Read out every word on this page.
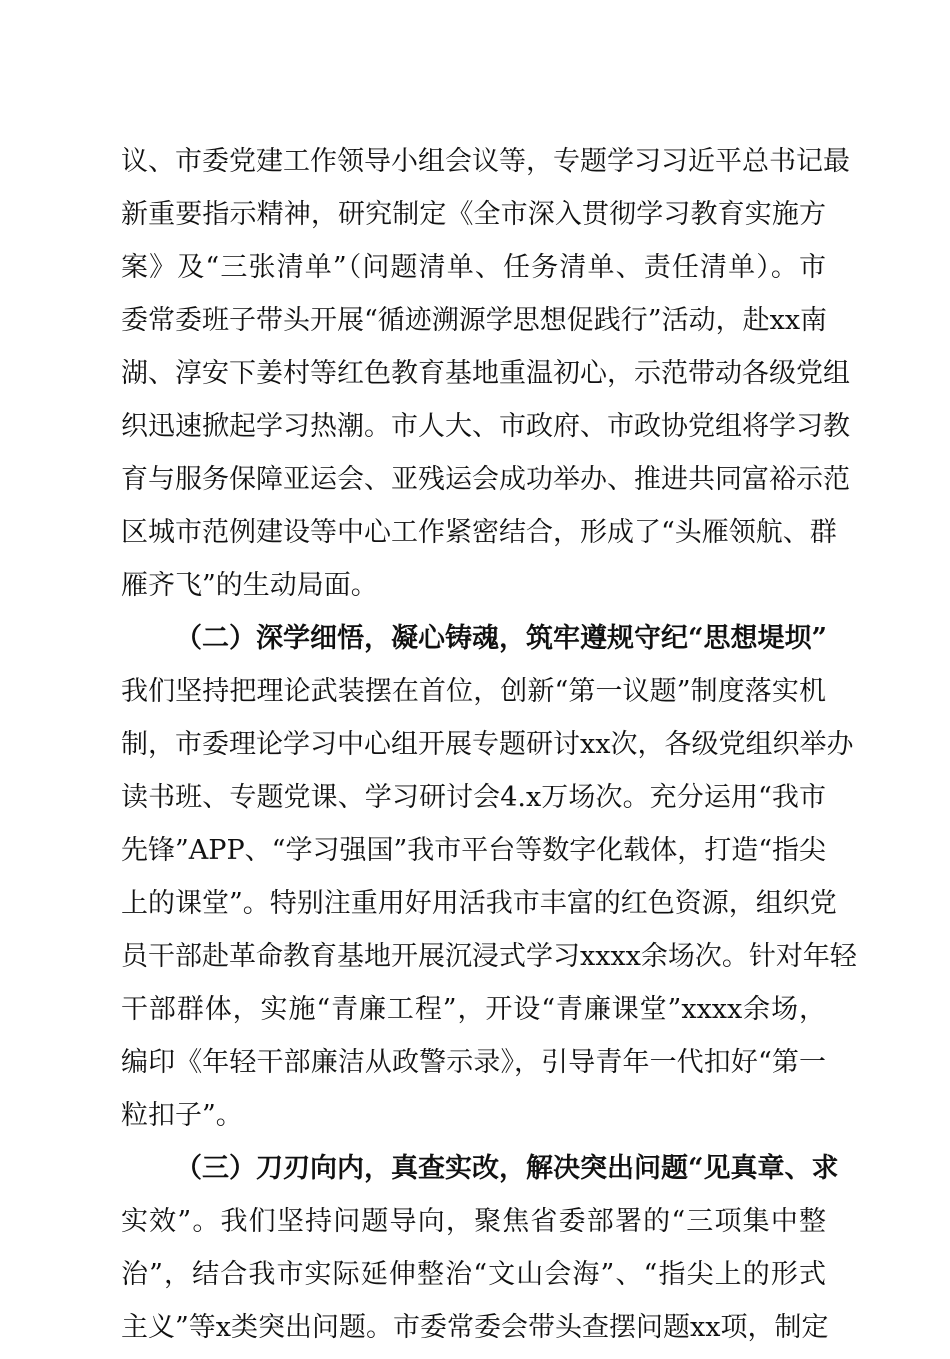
议、市委党建工作领导小组会议等，专题学习习近平总书记最
新重要指示精神，研究制定《全市深入贯彻学习教育实施方
案》及“三张清单”（问题清单、任务清单、责任清单）。市
委常委班子带头开展“循迹溯源学思想促践行”活动，赴xx南
湖、淳安下姜村等红色教育基地重温初心，示范带动各级党组
织迅速掀起学习热潮。市人大、市政府、市政协党组将学习教
育与服务保障亚运会、亚残运会成功举办、推进共同富裕示范
区城市范例建设等中心工作紧密结合，形成了“头雁领航、群
雁齐飞”的生动局面。
（二）深学细悟，凝心铸魂，筑牢遵规守纪“思想堤坝”
我们坚持把理论武装摆在首位，创新“第一议题”制度落实机
制，市委理论学习中心组开展专题研讨xx次，各级党组织举办
读书班、专题党课、学习研讨会4.x万场次。充分运用“我市
先锋”APP、“学习强国”我市平台等数字化载体，打造“指尖
上的课堂”。特别注重用好用活我市丰富的红色资源，组织党
员干部赴革命教育基地开展沉浸式学习xxxx余场次。针对年轻
干部群体，实施“青廉工程”，开设“青廉课堂”xxxx余场，
编印《年轻干部廉洁从政警示录》，引导青年一代扣好“第一
粒扣子”。
（三）刀刃向内，真查实改，解决突出问题“见真章、求
实效”。我们坚持问题导向，聚焦省委部署的“三项集中整
治”，结合我市实际延伸整治“文山会海”、“指尖上的形式
主义”等x类突出问题。市委常委会带头查摆问题xx项，制定
